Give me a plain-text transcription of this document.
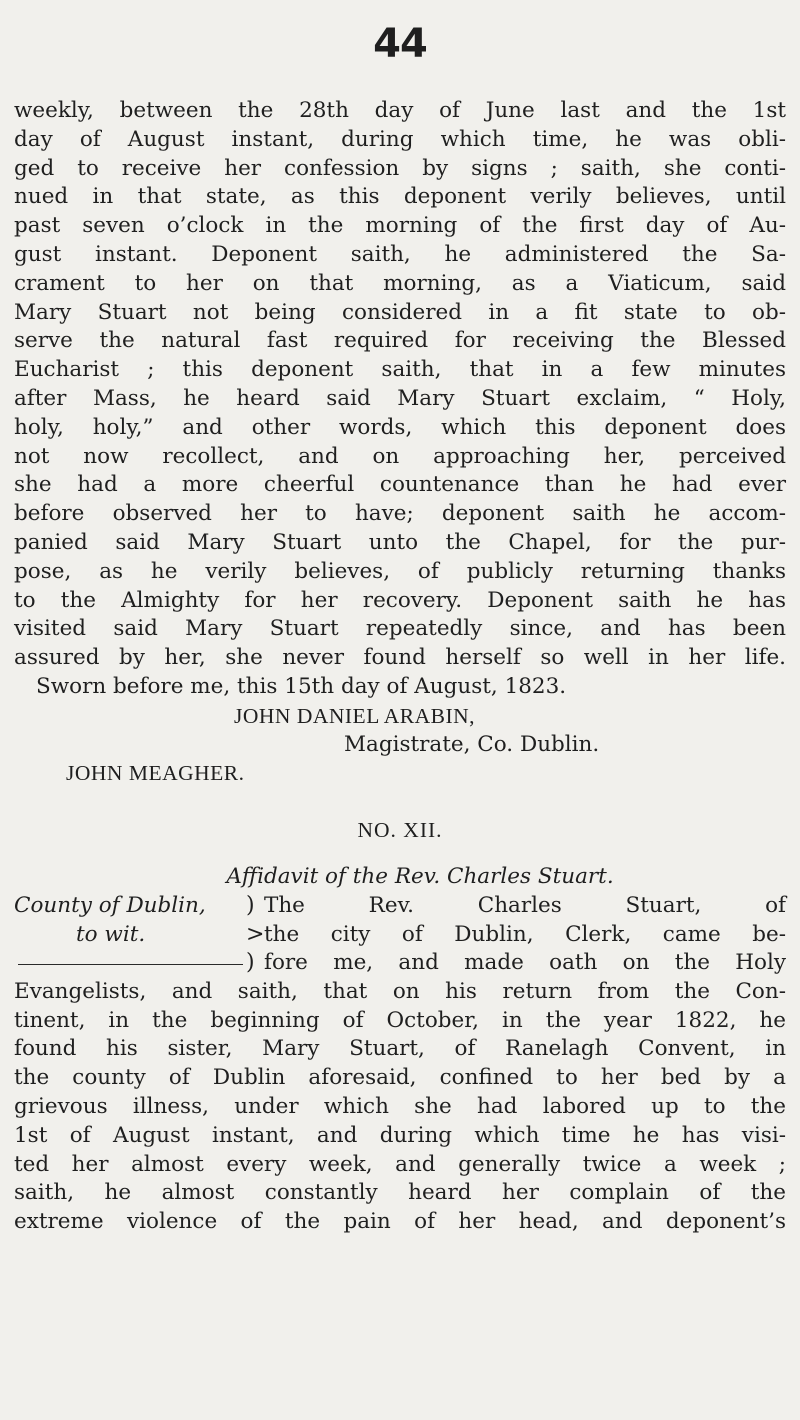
44
weekly, between the 28th day of June last and the 1st
day of August instant, during which time, he was obli-
ged to receive her confession by signs ; saith, she conti-
nued in that state, as this deponent verily believes, until
past seven o’clock in the morning of the first day of Au-
gust instant. Deponent saith, he administered the Sa-
crament to her on that morning, as a Viaticum, said
Mary Stuart not being considered in a fit state to ob-
serve the natural fast required for receiving the Blessed
Eucharist ; this deponent saith, that in a few minutes
after Mass, he heard said Mary Stuart exclaim, “ Holy,
holy, holy,” and other words, which this deponent does
not now recollect, and on approaching her, perceived
she had a more cheerful countenance than he had ever
before observed her to have; deponent saith he accom-
panied said Mary Stuart unto the Chapel, for the pur-
pose, as he verily believes, of publicly returning thanks
to the Almighty for her recovery. Deponent saith he has
visited said Mary Stuart repeatedly since, and has been
assured by her, she never found herself so well in her life.
Sworn before me, this 15th day of August, 1823.
JOHN DANIEL ARABIN,
Magistrate, Co. Dublin.
JOHN MEAGHER.
NO. XII.
Affidavit of the Rev. Charles Stuart.
County of Dublin,
to wit.
)
>
)
The Rev. Charles Stuart, of
the city of Dublin, Clerk, came be-
fore me, and made oath on the Holy
Evangelists, and saith, that on his return from the Con-
tinent, in the beginning of October, in the year 1822, he
found his sister, Mary Stuart, of Ranelagh Convent, in
the county of Dublin aforesaid, confined to her bed by a
grievous illness, under which she had labored up to the
1st of August instant, and during which time he has visi-
ted her almost every week, and generally twice a week ;
saith, he almost constantly heard her complain of the
extreme violence of the pain of her head, and deponent’s
